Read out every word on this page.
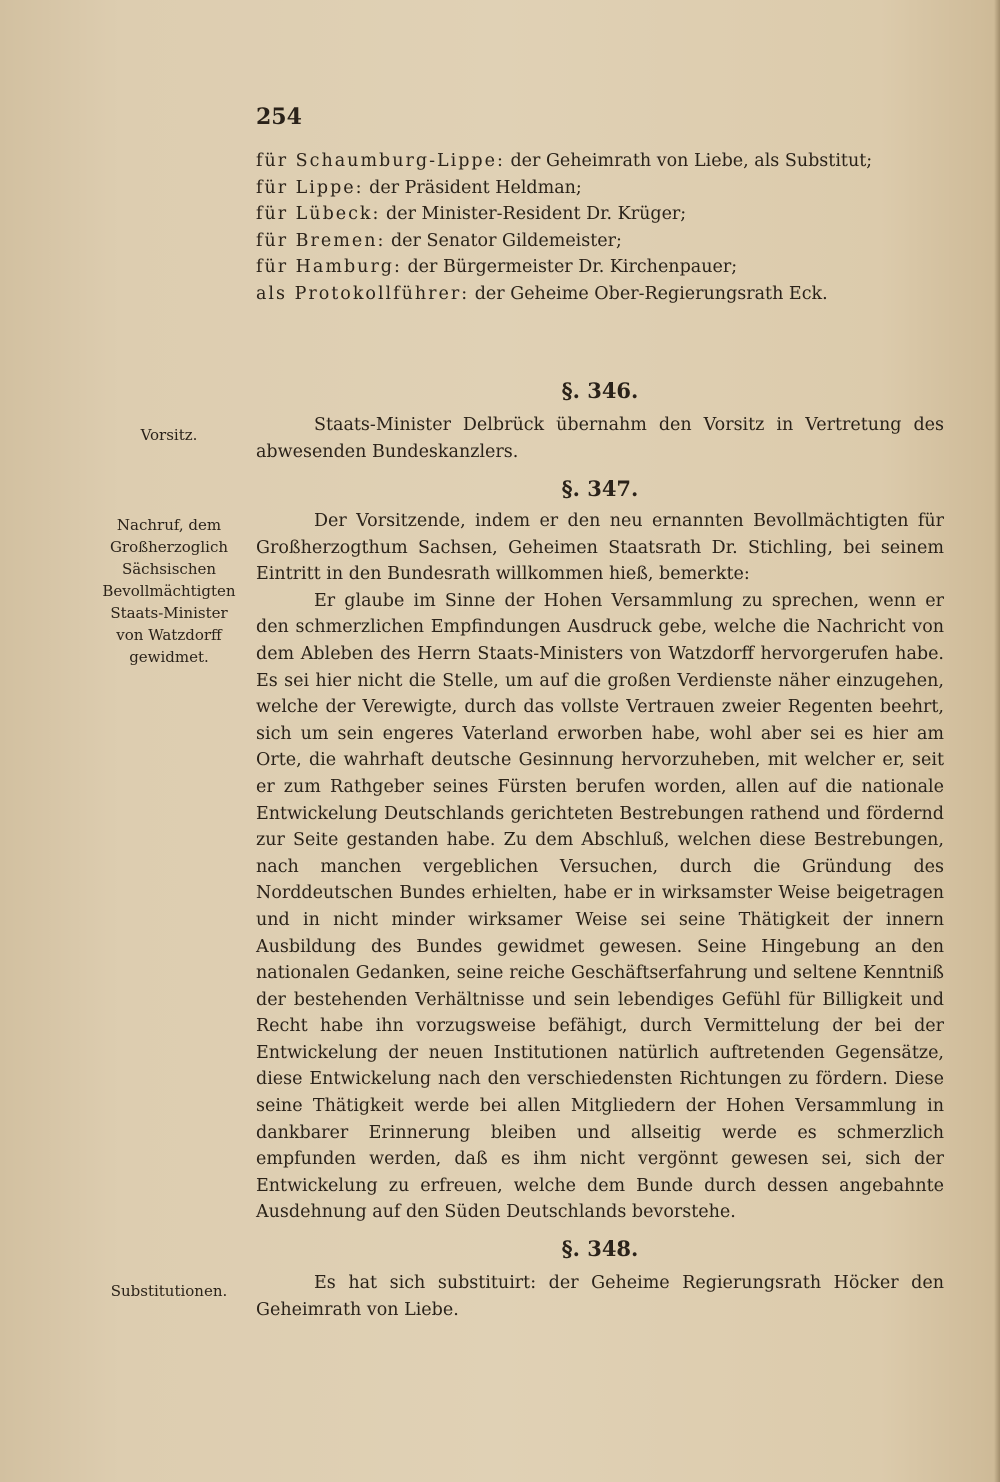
254
für Schaumburg-Lippe: der Geheimrath von Liebe, als Substitut;
für Lippe: der Präsident Heldman;
für Lübeck: der Minister-Resident Dr. Krüger;
für Bremen: der Senator Gildemeister;
für Hamburg: der Bürgermeister Dr. Kirchenpauer;
als Protokollführer: der Geheime Ober-Regierungsrath Eck.
§. 346.
Vorsitz.	Staats-Minister Delbrück übernahm den Vorsitz in Vertretung des abwesenden Bundeskanzlers.

§. 347.
Nachruf, dem Großherzoglich Sächsischen Bevollmächtigten Staats-Minister von Watzdorff gewidmet.

Der Vorsitzende, indem er den neu ernannten Bevollmächtigten für Großherzogthum Sachsen, Geheimen Staatsrath Dr. Stichling, bei seinem Eintritt in den Bundesrath willkommen hieß, bemerkte:

Er glaube im Sinne der Hohen Versammlung zu sprechen, wenn er den schmerzlichen Empfindungen Ausdruck gebe, welche die Nachricht von dem Ableben des Herrn Staats-Ministers von Watzdorff hervorgerufen habe. Es sei hier nicht die Stelle, um auf die großen Verdienste näher einzugehen, welche der Verewigte, durch das vollste Vertrauen zweier Regenten beehrt, sich um sein engeres Vaterland erworben habe, wohl aber sei es hier am Orte, die wahrhaft deutsche Gesinnung hervorzuheben, mit welcher er, seit er zum Rathgeber seines Fürsten berufen worden, allen auf die nationale Entwickelung Deutschlands gerichteten Bestrebungen rathend und fördernd zur Seite gestanden habe. Zu dem Abschluß, welchen diese Bestrebungen, nach manchen vergeblichen Versuchen, durch die Gründung des Norddeutschen Bundes erhielten, habe er in wirksamster Weise beigetragen und in nicht minder wirksamer Weise sei seine Thätigkeit der innern Ausbildung des Bundes gewidmet gewesen. Seine Hingebung an den nationalen Gedanken, seine reiche Geschäftserfahrung und seltene Kenntniß der bestehenden Verhältnisse und sein lebendiges Gefühl für Billigkeit und Recht habe ihn vorzugsweise befähigt, durch Vermittelung der bei der Entwickelung der neuen Institutionen natürlich auftretenden Gegensätze, diese Entwickelung nach den verschiedensten Richtungen zu fördern. Diese seine Thätigkeit werde bei allen Mitgliedern der Hohen Versammlung in dankbarer Erinnerung bleiben und allseitig werde es schmerzlich empfunden werden, daß es ihm nicht vergönnt gewesen sei, sich der Entwickelung zu erfreuen, welche dem Bunde durch dessen angebahnte Ausdehnung auf den Süden Deutschlands bevorstehe.

§. 348.
Substitutionen.	Es hat sich substituirt: der Geheime Regierungsrath Höcker den Geheimrath von Liebe.
